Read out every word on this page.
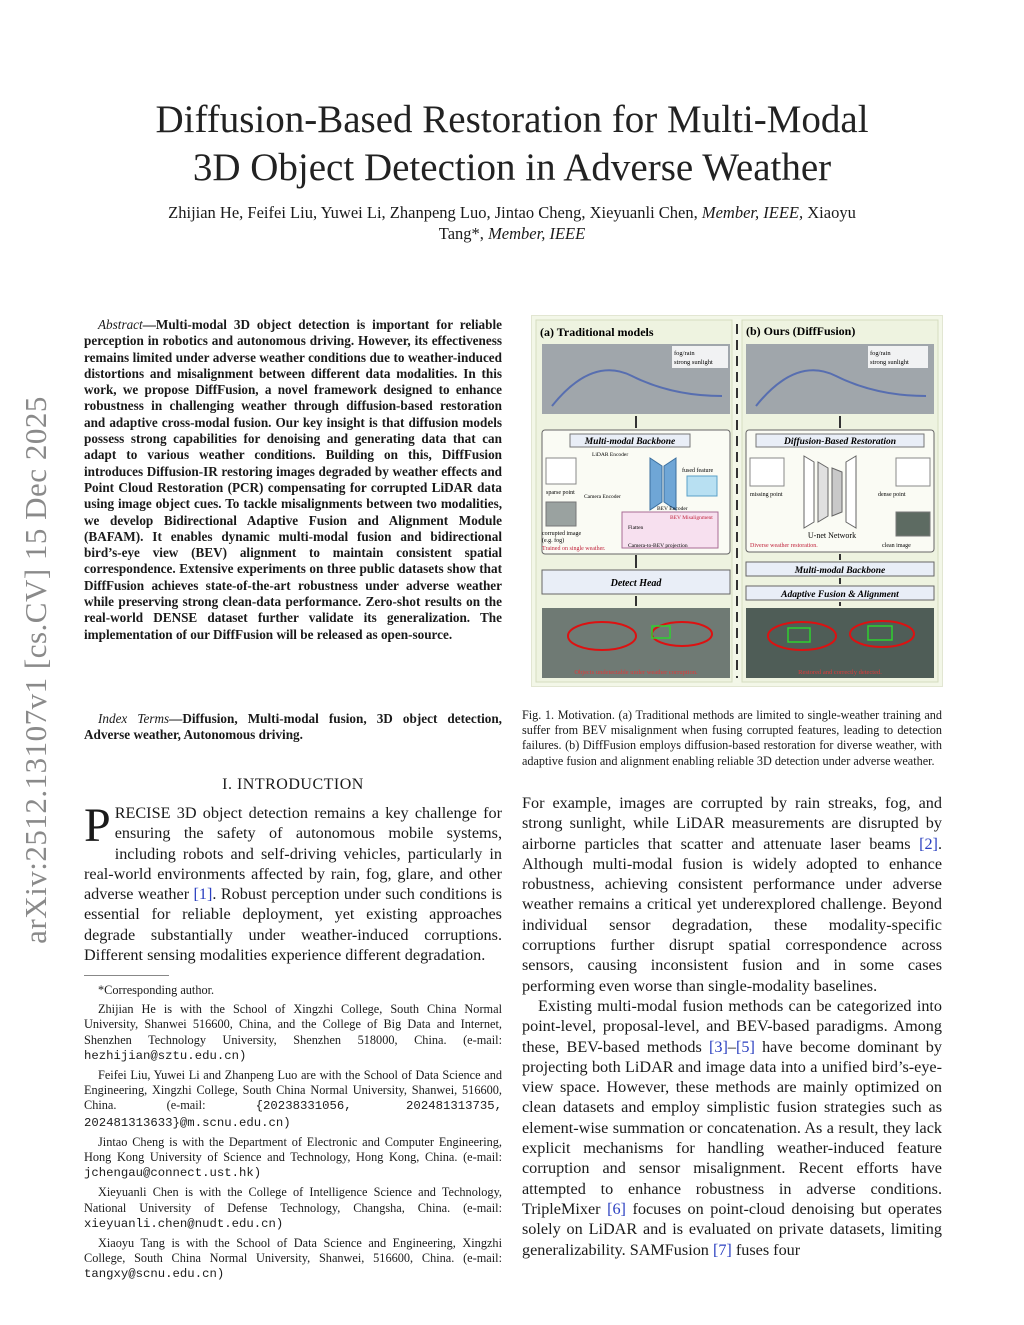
arXiv:2512.13107v1 [cs.CV] 15 Dec 2025
Diffusion-Based Restoration for Multi-Modal
3D Object Detection in Adverse Weather
Zhijian He, Feifei Liu, Yuwei Li, Zhanpeng Luo, Jintao Cheng, Xieyuanli Chen, Member, IEEE, Xiaoyu
Tang*, Member, IEEE
Abstract—Multi-modal 3D object detection is important for reliable perception in robotics and autonomous driving. However, its effectiveness remains limited under adverse weather conditions due to weather-induced distortions and misalignment between different data modalities. In this work, we propose DiffFusion, a novel framework designed to enhance robustness in challenging weather through diffusion-based restoration and adaptive cross-modal fusion. Our key insight is that diffusion models possess strong capabilities for denoising and generating data that can adapt to various weather conditions. Building on this, DiffFusion introduces Diffusion-IR restoring images degraded by weather effects and Point Cloud Restoration (PCR) compensating for corrupted LiDAR data using image object cues. To tackle misalignments between two modalities, we develop Bidirectional Adaptive Fusion and Alignment Module (BAFAM). It enables dynamic multi-modal fusion and bidirectional bird’s-eye view (BEV) alignment to maintain consistent spatial correspondence. Extensive experiments on three public datasets show that DiffFusion achieves state-of-the-art robustness under adverse weather while preserving strong clean-data performance. Zero-shot results on the real-world DENSE dataset further validate its generalization. The implementation of our DiffFusion will be released as open-source.
Index Terms—Diffusion, Multi-modal fusion, 3D object detection, Adverse weather, Autonomous driving.
I. INTRODUCTION
PRECISE 3D object detection remains a key challenge for ensuring the safety of autonomous mobile systems, including robots and self-driving vehicles, particularly in real-world environments affected by rain, fog, glare, and other adverse weather [1]. Robust perception under such conditions is essential for reliable deployment, yet existing approaches degrade substantially under weather-induced corruptions. Different sensing modalities experience different degradation.

*Corresponding author.

Zhijian He is with the School of Xingzhi College, South China Normal University, Shanwei 516600, China, and the College of Big Data and Internet, Shenzhen Technology University, Shenzhen 518000, China. (e-mail: hezhijian@sztu.edu.cn)

Feifei Liu, Yuwei Li and Zhanpeng Luo are with the School of Data Science and Engineering, Xingzhi College, South China Normal University, Shanwei, 516600, China. (e-mail:	{20238331056, 202481313735, 202481313633}@m.scnu.edu.cn)

Jintao Cheng is with the Department of Electronic and Computer Engineering, Hong Kong University of Science and Technology, Hong Kong, China. (e-mail: jchengau@connect.ust.hk)

Xieyuanli Chen is with the College of Intelligence Science and Technology, National University of Defense Technology, Changsha, China. (e-mail: xieyuanli.chen@nudt.edu.cn)

Xiaoyu Tang is with the School of Data Science and Engineering, Xingzhi College, South China Normal University, Shanwei, 516600, China. (e-mail: tangxy@scnu.edu.cn)

(a) Traditional models	(b) Ours (DiffFusion)
fog/rain
strong sunlight
fog/rain
strong sunlight
Multi-modal Backbone
LiDAR Encoder
sparse point
Camera Encoder
BEV Encoder
fused feature
BEV Misalignment
Flatten
Camera-to-BEV projection
corrupted image
(e.g. fog)
Trained on single weather.
Detect Head
Objects undetectable under weather corruption.
Diffusion-Based Restoration
missing point
U-net Network
dense point
Diverse weather restoration.	clean image
Multi-modal Backbone
Adaptive Fusion & Alignment
Restored and correctly detected.
Fig. 1. Motivation. (a) Traditional methods are limited to single-weather training and suffer from BEV misalignment when fusing corrupted features, leading to detection failures. (b) DiffFusion employs diffusion-based restoration for diverse weather, with adaptive fusion and alignment enabling reliable 3D detection under adverse weather.

For example, images are corrupted by rain streaks, fog, and strong sunlight, while LiDAR measurements are disrupted by airborne particles that scatter and attenuate laser beams [2]. Although multi-modal fusion is widely adopted to enhance robustness, achieving consistent performance under adverse weather remains a critical yet underexplored challenge. Beyond individual sensor degradation, these modality-specific corruptions further disrupt spatial correspondence across sensors, causing inconsistent fusion and in some cases performing even worse than single-modality baselines.

Existing multi-modal fusion methods can be categorized into point-level, proposal-level, and BEV-based paradigms. Among these, BEV-based methods [3]–[5] have become dominant by projecting both LiDAR and image data into a unified bird’s-eye-view space. However, these methods are mainly optimized on clean datasets and employ simplistic fusion strategies such as element-wise summation or concatenation. As a result, they lack explicit mechanisms for handling weather-induced feature corruption and sensor misalignment. Recent efforts have attempted to enhance robustness in adverse conditions. TripleMixer [6] focuses on point-cloud denoising but operates solely on LiDAR and is evaluated on private datasets, limiting generalizability. SAMFusion [7] fuses four
